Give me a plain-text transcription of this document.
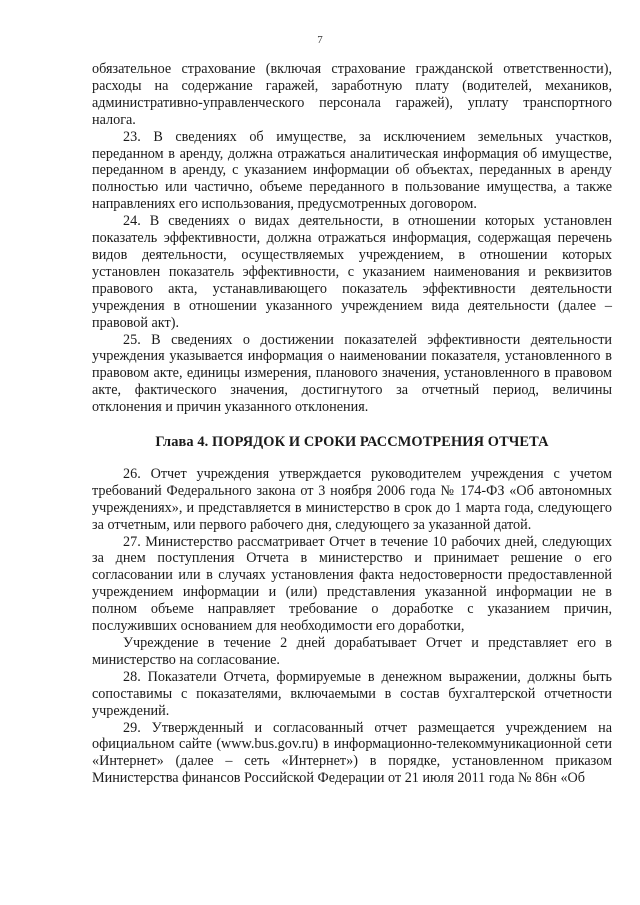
7

обязательное страхование (включая страхование гражданской ответственности), расходы на содержание гаражей, заработную плату (водителей, механиков, административно-управленческого персонала гаражей), уплату транспортного налога.

23. В сведениях об имуществе, за исключением земельных участков, переданном в аренду, должна отражаться аналитическая информация об имуществе, переданном в аренду, с указанием информации об объектах, переданных в аренду полностью или частично, объеме переданного в пользование имущества, а также направлениях его использования, предусмотренных договором.

24. В сведениях о видах деятельности, в отношении которых установлен показатель эффективности, должна отражаться информация, содержащая перечень видов деятельности, осуществляемых учреждением, в отношении которых установлен показатель эффективности, с указанием наименования и реквизитов правового акта, устанавливающего показатель эффективности деятельности учреждения в отношении указанного учреждением вида деятельности (далее – правовой акт).

25. В сведениях о достижении показателей эффективности деятельности учреждения указывается информация о наименовании показателя, установленного в правовом акте, единицы измерения, планового значения, установленного в правовом акте, фактического значения, достигнутого за отчетный период, величины отклонения и причин указанного отклонения.

Глава 4. ПОРЯДОК И СРОКИ РАССМОТРЕНИЯ ОТЧЕТА

26. Отчет учреждения утверждается руководителем учреждения с учетом требований Федерального закона от 3 ноября 2006 года № 174-ФЗ «Об автономных учреждениях», и представляется в министерство в срок до 1 марта года, следующего за отчетным, или первого рабочего дня, следующего за указанной датой.

27. Министерство рассматривает Отчет в течение 10 рабочих дней, следующих за днем поступления Отчета в министерство и принимает решение о его согласовании или в случаях установления факта недостоверности предоставленной учреждением информации и (или) представления указанной информации не в полном объеме направляет требование о доработке с указанием причин, послуживших основанием для необходимости его доработки,

Учреждение в течение 2 дней дорабатывает Отчет и представляет его в министерство на согласование.

28. Показатели Отчета, формируемые в денежном выражении, должны быть сопоставимы с показателями, включаемыми в состав бухгалтерской отчетности учреждений.

29. Утвержденный и согласованный отчет размещается учреждением на официальном сайте (www.bus.gov.ru) в информационно-телекоммуникационной сети «Интернет» (далее – сеть «Интернет») в порядке, установленном приказом Министерства финансов Российской Федерации от 21 июля 2011 года № 86н «Об
